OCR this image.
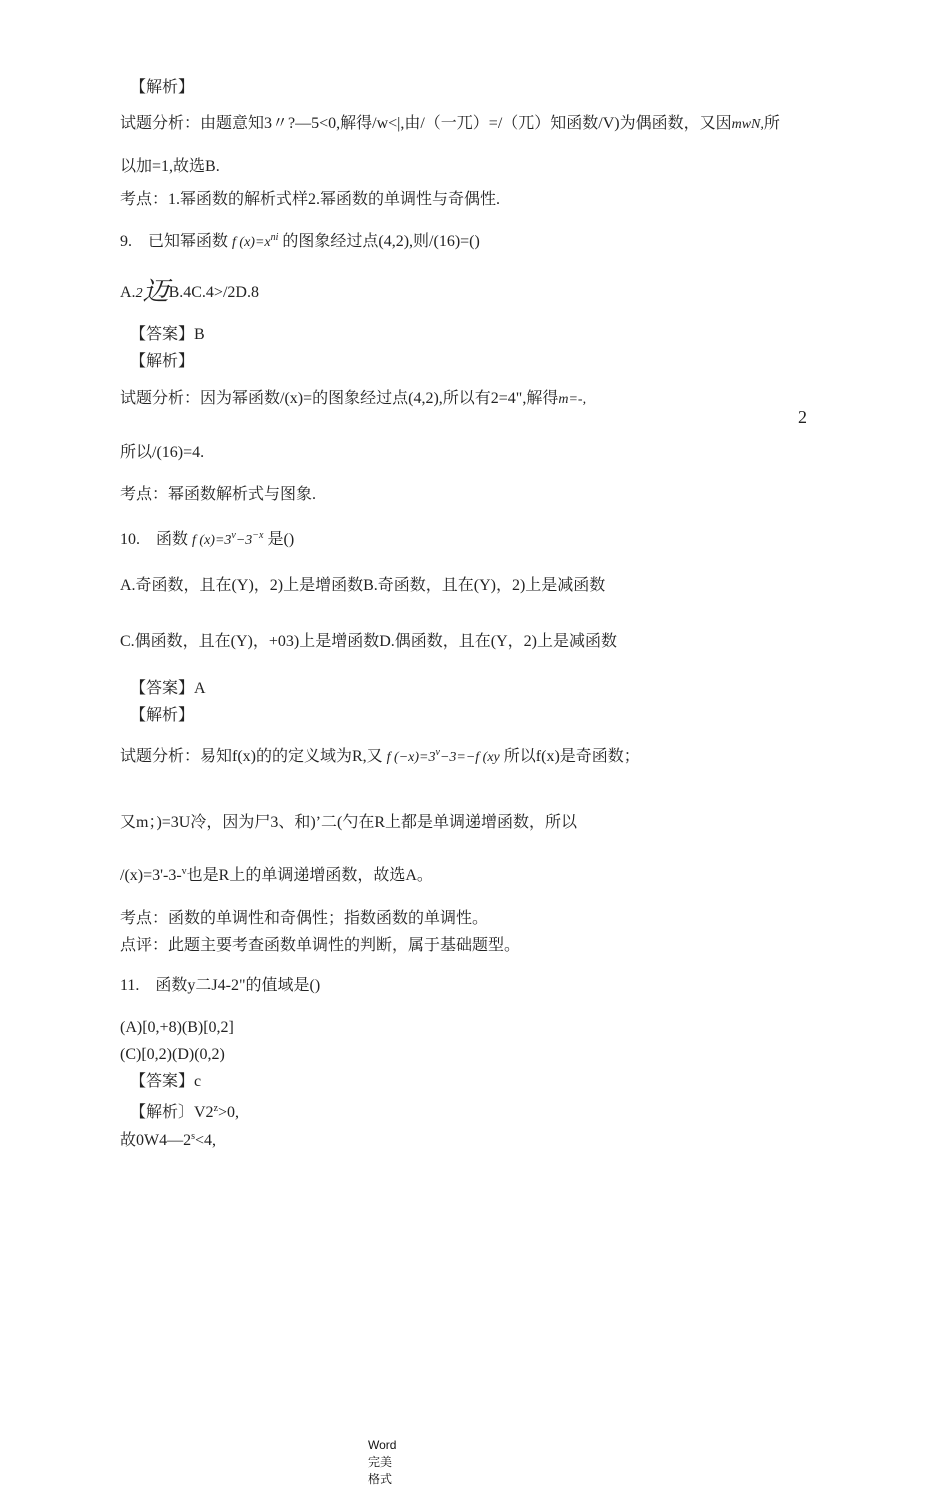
【解析】
试题分析：由题意知3〃?—5<0,解得/w<|,由/（一兀）=/（兀）知函数/V)为偶函数，又因mwN,所
以加=1,故选B.
考点：1.幂函数的解析式样2.幂函数的单调性与奇偶性.
9.　已知幂函数 f $(x)=x^{ni}$ 的图象经过点(4,2),则/(16)=()
A.2迈B.4C.4>/2D.8
【答案】B
【解析】
试题分析：因为幂函数/(x)=的图象经过点(4,2),所以有2=4",解得m=-,
2
所以/(16)=4.
考点：幂函数解析式与图象.
10.　函数 f $(x)=3^v-3^{-x}$ 是()
A.奇函数，且在(Y)，2)上是增函数B.奇函数，且在(Y)，2)上是减函数
C.偶函数，且在(Y)，+03)上是增函数D.偶函数，且在(Y，2)上是减函数
【答案】A
【解析】
试题分析：易知f(x)的的定义域为R,又 f $(-x)=3^v-3=-f$ (xy 所以f(x)是奇函数；
又m；)=3U冷，因为尸3、和)’二(勺在R上都是单调递增函数，所以
/(x)=3'-3-$^v$也是R上的单调递增函数，故选A。
考点：函数的单调性和奇偶性；指数函数的单调性。
点评：此题主要考查函数单调性的判断，属于基础题型。
11.　函数y二J4-2"的值域是()
(A)[0,+8)(B)[0,2]
(C)[0,2)(D)(0,2)
【答案】c
【解析〕$V2^z>0$,
故$0W4—2^s<4$,
Word
完美
格式
